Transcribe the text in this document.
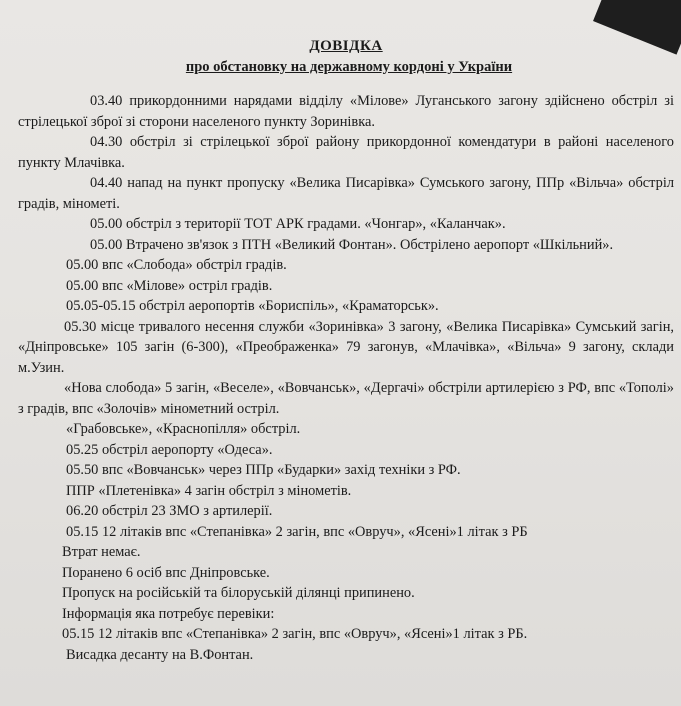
ДОВІДКА
про обстановку на державному кордоні у України

03.40 прикордонними нарядами відділу «Мілове» Луганського загону здійснено обстріл зі стрілецької зброї зі сторони населеного пункту Зоринівка.

04.30 обстріл зі стрілецької зброї району прикордонної комендатури в районі населеного пункту Млачівка.

04.40 напад на пункт пропуску «Велика Писарівка» Сумського загону, ППр «Вільча» обстріл градів, мінометі.

05.00 обстріл з території ТОТ АРК градами. «Чонгар», «Каланчак».

05.00 Втрачено зв'язок з ПТН «Великий Фонтан». Обстрілено аеропорт «Шкільний».

05.00 впс «Слобода» обстріл градів.

05.00 впс «Мілове» остріл градів.

05.05-05.15 обстріл аеропортів «Бориспіль», «Краматорськ».

05.30 місце тривалого несення служби «Зоринівка» 3 загону, «Велика Писарівка» Сумський загін, «Дніпровське» 105 загін (6-300), «Преображенка» 79 загонув, «Млачівка», «Вільча» 9 загону, склади м.Узин.

«Нова слобода» 5 загін, «Веселе», «Вовчанськ», «Дергачі» обстріли артилерією з РФ, впс «Тополі» з градів, впс «Золочів» мінометний остріл.

«Грабовське», «Краснопілля» обстріл.

05.25 обстріл аеропорту «Одеса».

05.50 впс «Вовчанськ» через ППр «Бударки» захід техніки з РФ.

ППР «Плетенівка» 4 загін обстріл з мінометів.

06.20 обстріл 23 ЗМО з артилерії.

05.15 12 літаків впс «Степанівка» 2 загін, впс «Овруч», «Ясені»1 літак з РБ

Втрат немає.

Поранено 6 осіб впс Дніпровське.

Пропуск на російській та білоруській ділянці припинено.

Інформація яка потребує перевіки:

05.15 12 літаків впс «Степанівка» 2 загін, впс «Овруч», «Ясені»1 літак з РБ.

Висадка десанту на В.Фонтан.
